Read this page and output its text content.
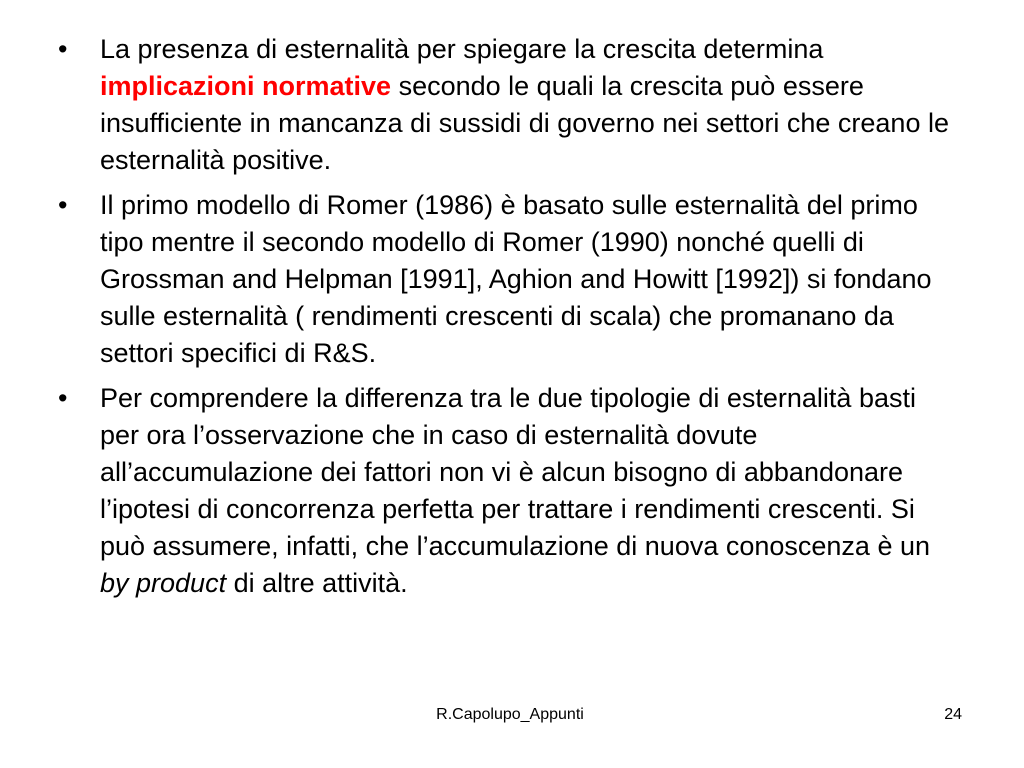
•	La presenza di esternalità per spiegare la crescita determina implicazioni normative secondo le quali la crescita può essere insufficiente in mancanza di sussidi di governo nei settori che creano le esternalità positive.
•	Il primo modello di Romer (1986) è basato sulle esternalità del primo tipo mentre il secondo modello di Romer (1990) nonché quelli di Grossman and Helpman [1991], Aghion and Howitt [1992]) si fondano sulle esternalità ( rendimenti crescenti di scala) che promanano da settori specifici di R&S.
•	Per comprendere la differenza tra le due tipologie di esternalità basti per ora l’osservazione che in caso di esternalità dovute all’accumulazione dei fattori non vi è alcun bisogno di abbandonare l’ipotesi di concorrenza perfetta per trattare i rendimenti crescenti. Si può assumere, infatti, che l’accumulazione di nuova conoscenza è un by product di altre attività.
R.Capolupo_Appunti	24
